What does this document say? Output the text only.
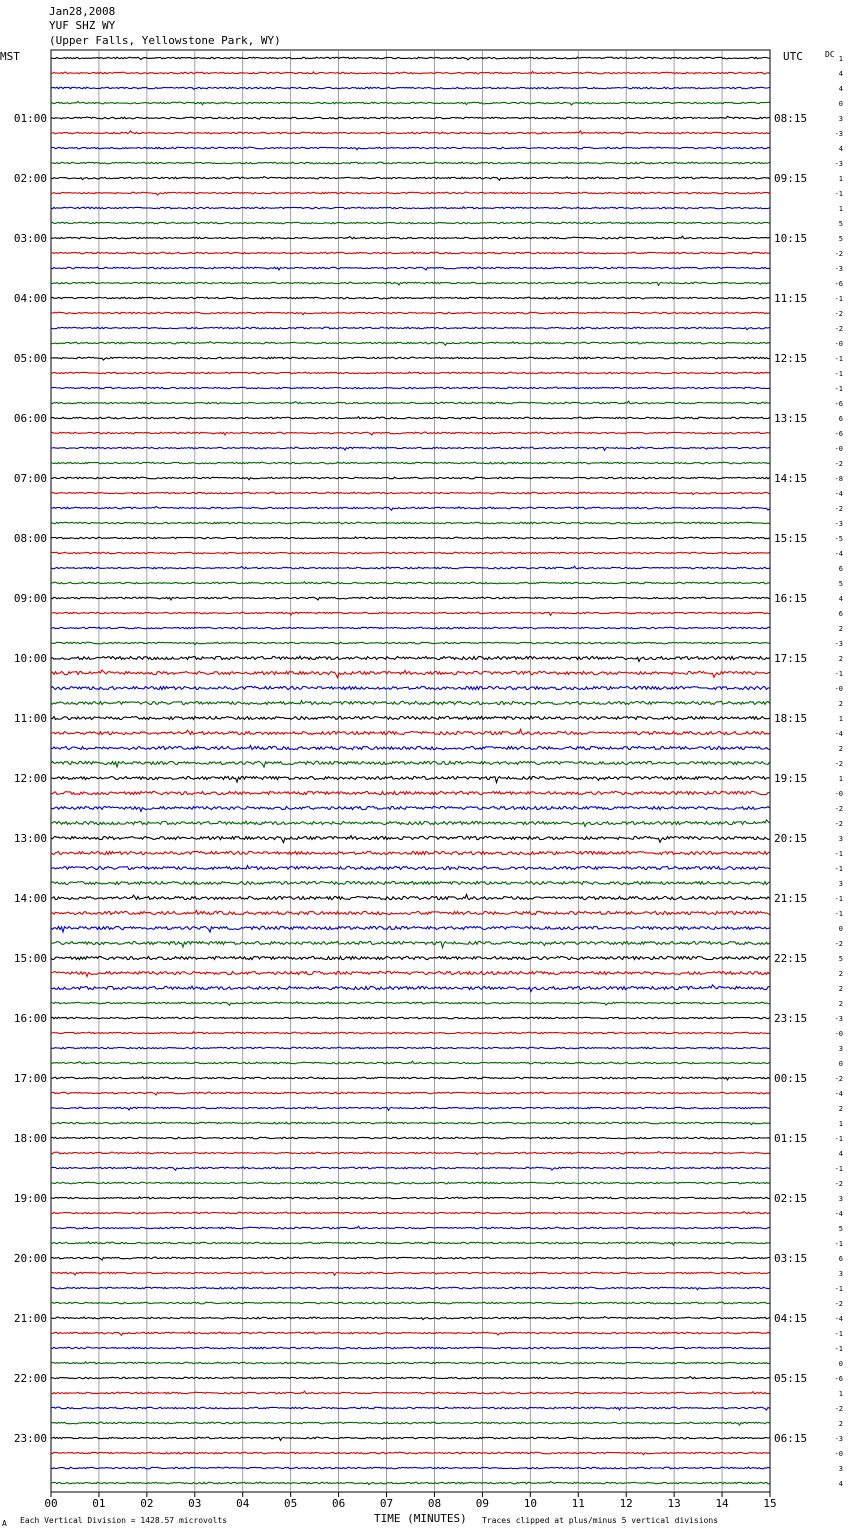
Jan28,2008
YUF SHZ WY
(Upper Falls, Yellowstone Park, WY)
MST	UTC	DC
00	01	02	03	04	05	06	07	08	09	10	11	12	13	14	15
1
4
4
0
3
-3
4
-3
1
-1
1
5
5
-2
-3
-6
-1
-2
-2
-0
-1
-1
-1
-6
6
-6
-0
-2
-8
-4
-2
-3
-5
-4
6
5
4
6
2
-3
2
-1
-0
2
1
-4
2
-2
1
-0
-2
-2
3
-1
-1
3
-1
-1
0
-2
5
2
2
2
-3
-0
3
0
-2
-4
2
1
-1
4
-1
-2
3
-4
5
-1
6
3
-1
-2
-4
-1
-1
0
-6
1
-2
2
-3
-0
3
4
01:00	08:15
02:00	09:15
03:00	10:15
04:00	11:15
05:00	12:15
06:00	13:15
07:00	14:15
08:00	15:15
09:00	16:15
10:00	17:15
11:00	18:15
12:00	19:15
13:00	20:15
14:00	21:15
15:00	22:15
16:00	23:15
17:00	00:15
18:00	01:15
19:00	02:15
20:00	03:15
21:00	04:15
22:00	05:15
23:00	06:15
A Each Vertical Division = 1428.57 microvolts	TIME (MINUTES) Traces clipped at plus/minus 5 vertical divisions
